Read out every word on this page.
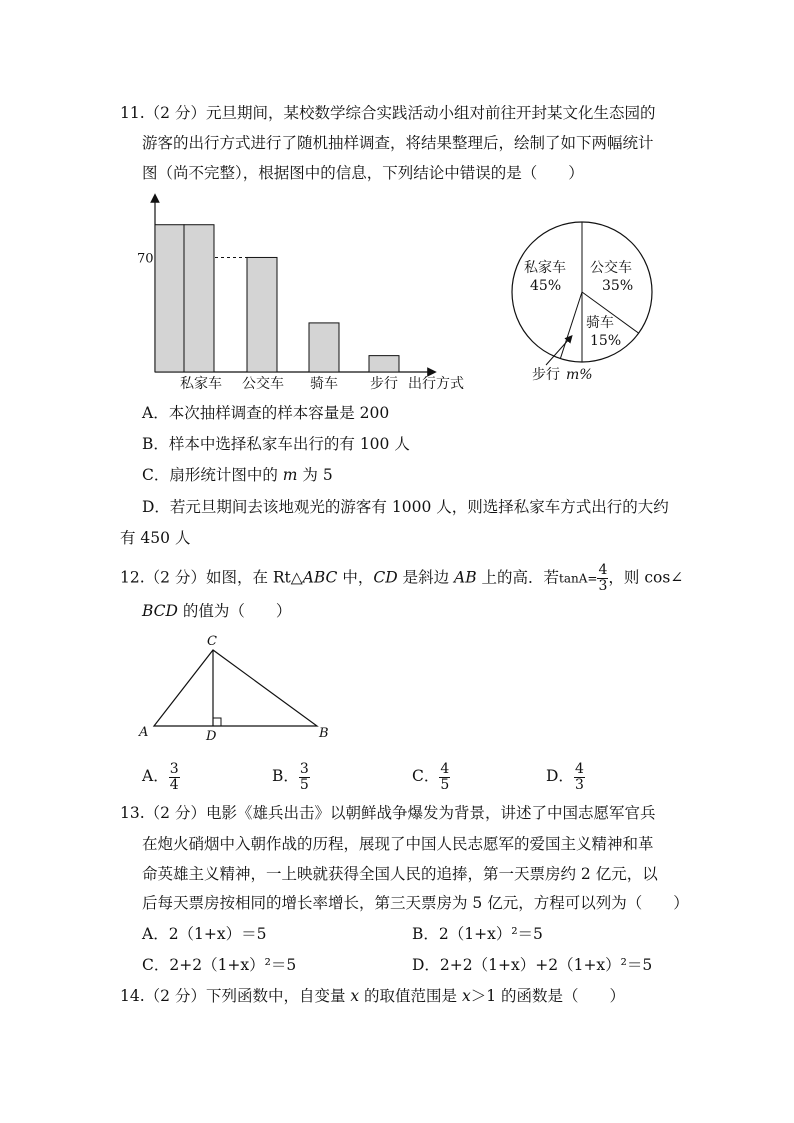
11.（2 分）元旦期间，某校数学综合实践活动小组对前往开封某文化生态园的
游客的出行方式进行了随机抽样调查，将结果整理后，绘制了如下两幅统计
图（尚不完整），根据图中的信息，下列结论中错误的是（　　）
70
私家车 公交车 骑车 步行 出行方式
私家车
45%
公交车
35%
骑车
15%
步行 m%
A．本次抽样调查的样本容量是 200
B．样本中选择私家车出行的有 100 人
C．扇形统计图中的 m 为 5
D．若元旦期间去该地观光的游客有 1000 人，则选择私家车方式出行的大约
有 450 人
12.（2 分）如图，在 Rt△ABC 中，CD 是斜边 AB 上的高．若$\tan A= \frac{4}{3}$ ，则 cos∠
BCD 的值为（　　）
C
A	D	B
A． $\frac{3}{4}$	B． $\frac{3}{5}$	C． $\frac{4}{5}$	D． $\frac{4}{3}$
13.（2 分）电影《雄兵出击》以朝鲜战争爆发为背景，讲述了中国志愿军官兵
在炮火硝烟中入朝作战的历程，展现了中国人民志愿军的爱国主义精神和革
命英雄主义精神，一上映就获得全国人民的追捧，第一天票房约 2 亿元，以
后每天票房按相同的增长率增长，第三天票房为 5 亿元，方程可以列为（　　）
A．2（1+x）＝5	B．2（1+x）²＝5
C．2+2（1+x）²＝5	D．2+2（1+x）+2（1+x）²＝5
14.（2 分）下列函数中，自变量 x 的取值范围是 x＞1 的函数是（　　）
